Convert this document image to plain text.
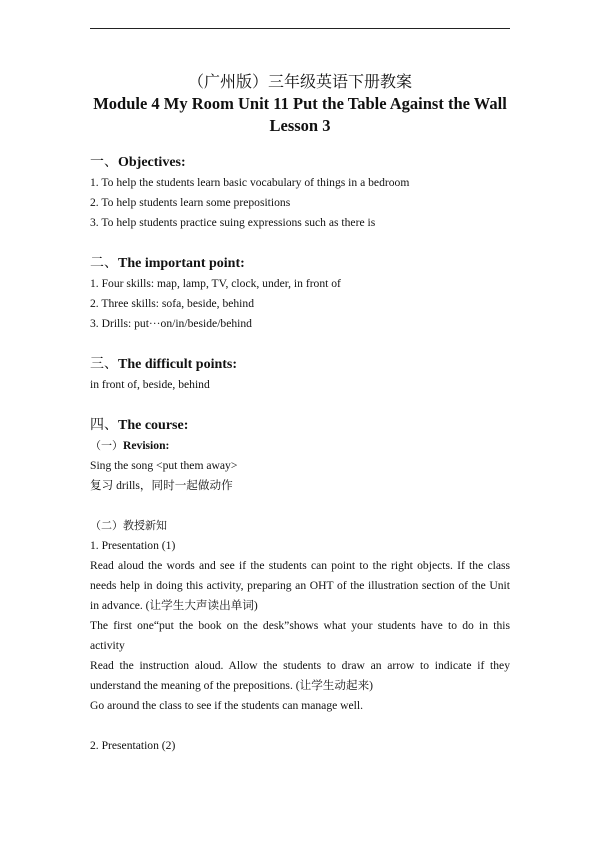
（广州版）三年级英语下册教案
Module 4 My Room Unit 11 Put the Table Against the Wall
Lesson 3
一、Objectives:
1. To help the students learn basic vocabulary of things in a bedroom
2. To help students learn some prepositions
3. To help students practice suing expressions such as there is
二、The important point:
1. Four skills: map, lamp, TV, clock, under, in front of
2. Three skills: sofa, beside, behind
3. Drills: put···on/in/beside/behind
三、The difficult points:
in front of, beside, behind
四、The course:
（一）Revision:
Sing the song <put them away>
复习 drills，同时一起做动作
（二）教授新知
1. Presentation (1)
Read aloud the words and see if the students can point to the right objects. If the class needs help in doing this activity, preparing an OHT of the illustration section of the Unit in advance. (让学生大声读出单词)
The first one“put the book on the desk”shows what your students have to do in this activity
Read the instruction aloud. Allow the students to draw an arrow to indicate if they understand the meaning of the prepositions. (让学生动起来)
Go around the class to see if the students can manage well.
2. Presentation (2)
